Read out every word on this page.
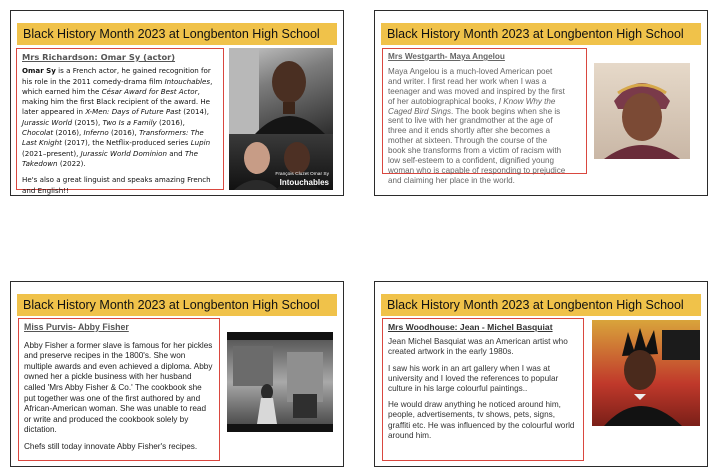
Black History Month 2023 at Longbenton High School
Mrs Richardson: Omar Sy (actor)

Omar Sy is a French actor, he gained recognition for his role in the 2011 comedy-drama film Intouchables, which earned him the César Award for Best Actor, making him the first Black recipient of the award. He later appeared in X-Men: Days of Future Past (2014), Jurassic World (2015), Two Is a Family (2016), Chocolat (2016), Inferno (2016), Transformers: The Last Knight (2017), the Netflix-produced series Lupin (2021–present), Jurassic World Dominion and The Takedown (2022).

He's also a great linguist and speaks amazing French and English!!

François Cluzet Omar Sy
Intouchables
Black History Month 2023 at Longbenton High School
Mrs Westgarth- Maya Angelou

Maya Angelou is a much-loved American poet and writer. I first read her work when I was a teenager and was moved and inspired by the first of her autobiographical books, I Know Why the Caged Bird Sings. The book begins when she is sent to live with her grandmother at the age of three and it ends shortly after she becomes a mother at sixteen. Through the course of the book she transforms from a victim of racism with low self-esteem to a confident, dignified young woman who is capable of responding to prejudice and claiming her place in the world.

Black History Month 2023 at Longbenton High School
Miss Purvis- Abby Fisher

Abby Fisher a former slave is famous for her pickles and preserve recipes in the 1800's. She won multiple awards and even achieved a diploma. Abby owned her a pickle business with her husband called 'Mrs Abby Fisher & Co.' The cookbook she put together was one of the first authored by and African-American woman. She was unable to read or write and produced the cookbook solely by dictation.

Chefs still today innovate Abby Fisher's recipes.

Black History Month 2023 at Longbenton High School
Mrs Woodhouse: Jean - Michel Basquiat

Jean Michel Basquiat was an American artist who created artwork in the early 1980s.

I saw his work in an art gallery when I was at university and I loved the references to popular culture in his large colourful paintings..

He would draw anything he noticed around him, people, advertisements, tv shows, pets, signs, graffiti etc. He was influenced by the colourful world around him.
